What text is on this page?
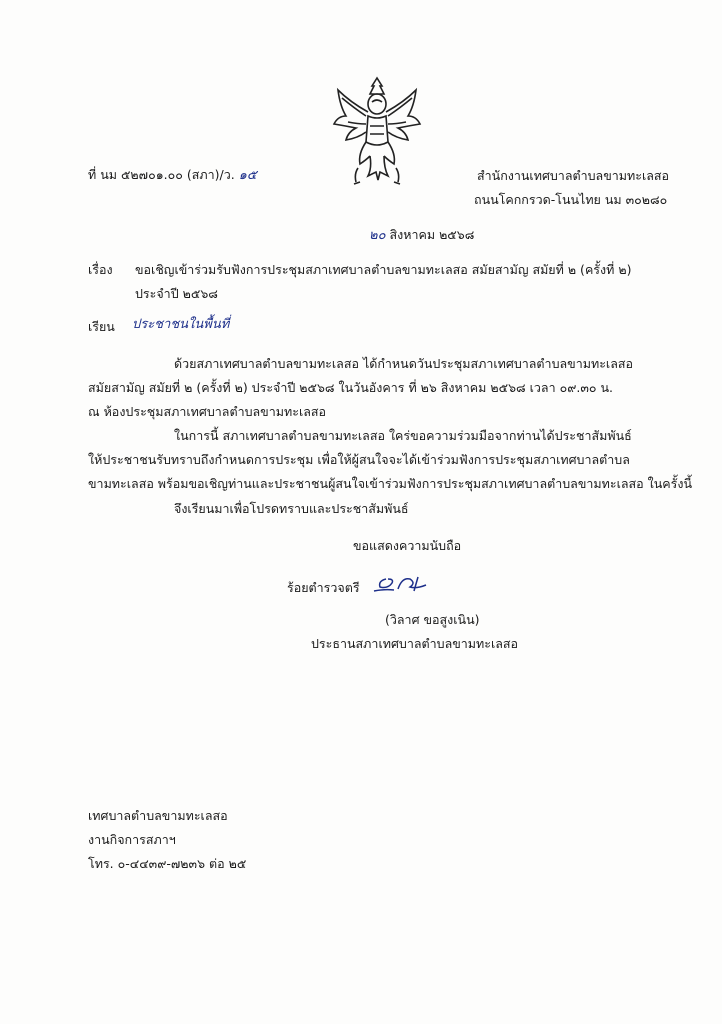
ที่ นม ๕๒๗๐๑.๐๐ (สภา)/ว. ๑๕	สำนักงานเทศบาลตำบลขามทะเลสอ
ถนนโคกกรวด-โนนไทย นม ๓๐๒๘๐
๒๐ สิงหาคม ๒๕๖๘
เรื่อง ขอเชิญเข้าร่วมรับฟังการประชุมสภาเทศบาลตำบลขามทะเลสอ สมัยสามัญ สมัยที่ ๒ (ครั้งที่ ๒)
ประจำปี ๒๕๖๘
เรียน ประชาชนในพื้นที่
ด้วยสภาเทศบาลตำบลขามทะเลสอ ได้กำหนดวันประชุมสภาเทศบาลตำบลขามทะเลสอ
สมัยสามัญ สมัยที่ ๒ (ครั้งที่ ๒) ประจำปี ๒๕๖๘ ในวันอังคาร ที่ ๒๖ สิงหาคม ๒๕๖๘ เวลา ๐๙.๓๐ น.
ณ ห้องประชุมสภาเทศบาลตำบลขามทะเลสอ
ในการนี้ สภาเทศบาลตำบลขามทะเลสอ ใคร่ขอความร่วมมือจากท่านได้ประชาสัมพันธ์
ให้ประชาชนรับทราบถึงกำหนดการประชุม เพื่อให้ผู้สนใจจะได้เข้าร่วมฟังการประชุมสภาเทศบาลตำบล
ขามทะเลสอ พร้อมขอเชิญท่านและประชาชนผู้สนใจเข้าร่วมฟังการประชุมสภาเทศบาลตำบลขามทะเลสอ ในครั้งนี้
จึงเรียนมาเพื่อโปรดทราบและประชาสัมพันธ์
ขอแสดงความนับถือ
ร้อยตำรวจตรี
(วิลาศ ขอสูงเนิน)
ประธานสภาเทศบาลตำบลขามทะเลสอ
เทศบาลตำบลขามทะเลสอ
งานกิจการสภาฯ
โทร. ๐-๔๔๓๙-๗๒๓๖ ต่อ ๒๕
